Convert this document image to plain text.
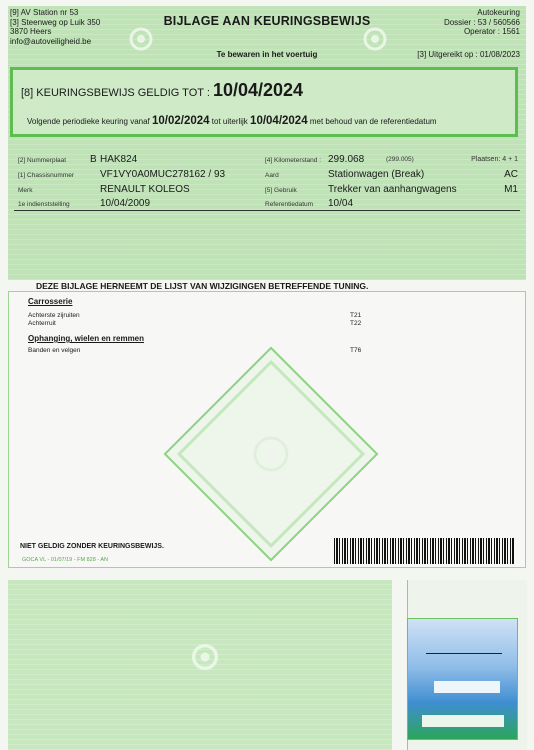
[9] AV Station nr 53
[3] Steenweg op Luik 350
3870 Heers
info@autoveiligheid.be
BIJLAGE AAN KEURINGSBEWIJS
Autokeuring
Dossier : 53 / 560566
Operator : 1561
Te bewaren in het voertuig	[3] Uitgereikt op : 01/08/2023
[8] KEURINGSBEWIJS GELDIG TOT : 10/04/2024
Volgende periodieke keuring vanaf 10/02/2024 tot uiterlijk 10/04/2024 met behoud van de referentiedatum
[2] Nummerplaat B HAK824
[1] Chassisnummer	VF1VY0A0MUC278162 / 93
Merk	RENAULT KOLEOS
1e indienststelling	10/04/2009
[4] Kilometerstand : 299.068	(299.005)	Plaatsen: 4 + 1
Aard	Stationwagen (Break)	AC
[5] Gebruik	Trekker van aanhangwagens	M1
Referentiedatum 10/04
DEZE BIJLAGE HERNEEMT DE LIJST VAN WIJZIGINGEN BETREFFENDE TUNING.
Carrosserie
Achterste zijruiten	T21
Achterruit	T22
Ophanging, wielen en remmen
Banden en velgen	T76
NIET GELDIG ZONDER KEURINGSBEWIJS.
GOCA VL - 01/07/19 - FM 828 - AN
